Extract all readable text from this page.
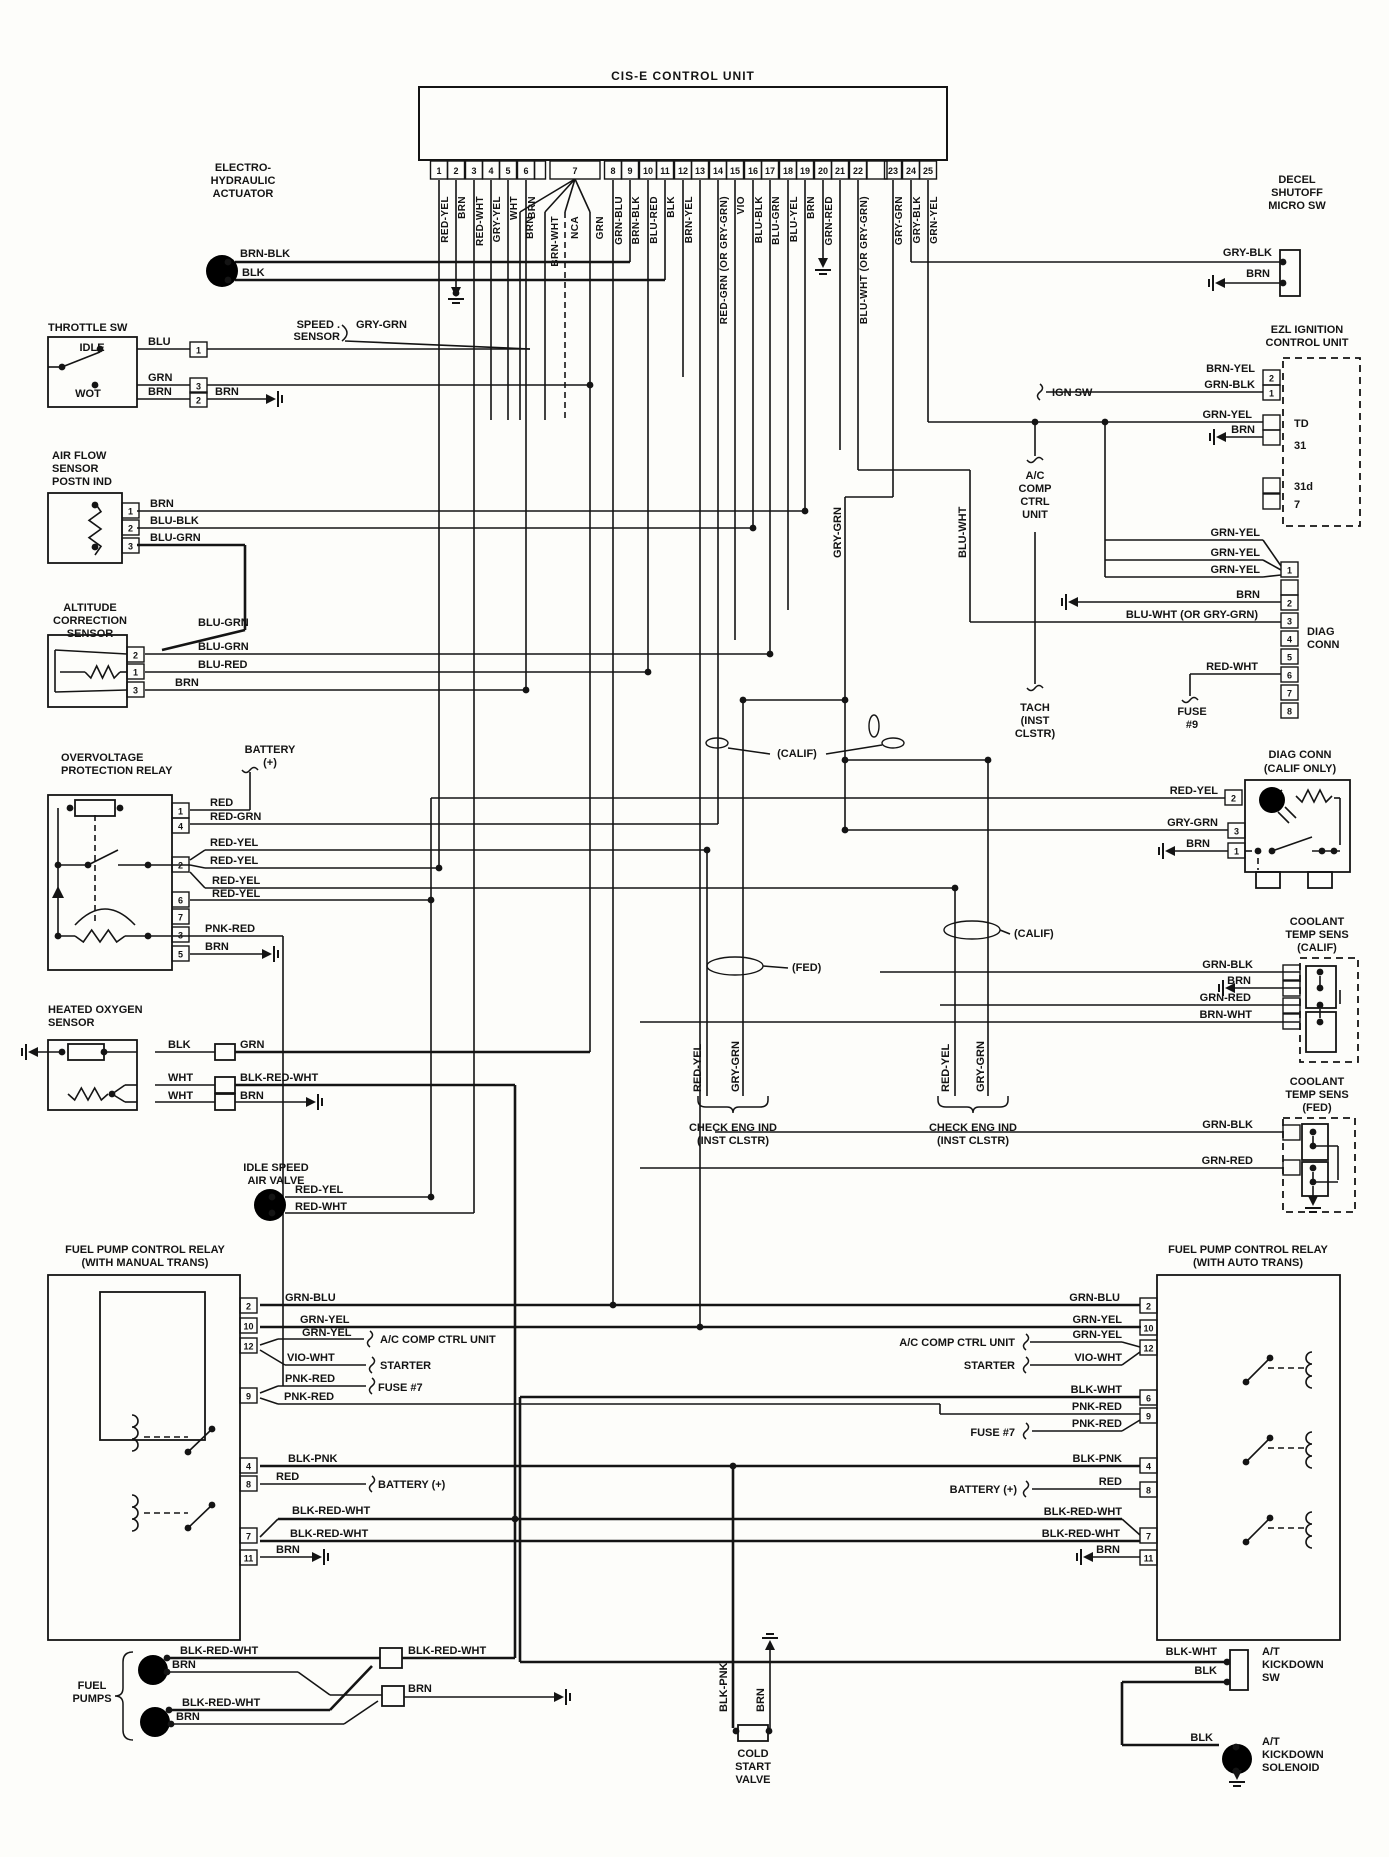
CIS-E CONTROL UNIT
1
RED-YEL
2
BRN
3
RED-WHT
4
GRY-YEL
5
WHT
6
BRN
7	8
GRN-BLU
9
BRN-BLK
10
BLU-RED
11
BLK
12
BRN-YEL
13 14
RED-GRN (OR GRY-GRN)
15
VIO
16
BLU-BLK
17
BLU-GRN
18
BLU-YEL
19
BRN
20
GRN-RED
21 22
BLU-WHT (OR GRY-GRN)
23
GRY-GRN
24
GRY-BLK
25
GRN-YEL
BRN BRN-WHT NCA GRN
1
3
2
1
2
3
2
1
3
1
4
2
6
7
3
5
2
10
12
9
4
8
7
11
2
10
12
6
9
4
8
7
11
2
1
1
2
3
4
5
6
7
8
2
3
1
ELECTRO-
HYDRAULIC
ACTUATOR
BRN-BLK
BLK
THROTTLE SW
IDLE
WOT
BLU
GRN
BRN	BRN
SPEED .
SENSOR
GRY-GRN
AIR FLOW
SENSOR
POSTN IND
BRN
BLU-BLK
BLU-GRN
ALTITUDE
CORRECTION
SENSOR
BLU-GRN
BLU-GRN
BLU-RED
BRN
OVERVOLTAGE
PROTECTION RELAY
BATTERY
(+)
RED
RED-GRN
RED-YEL
RED-YEL
RED-YEL
RED-YEL
PNK-RED
BRN
HEATED OXYGEN
SENSOR
BLK	GRN
WHT	BLK-RED-WHT
WHT	BRN
IDLE SPEED
AIR VALVE
RED-YEL
RED-WHT
FUEL PUMP CONTROL RELAY
(WITH MANUAL TRANS)
GRN-BLU
GRN-YEL
GRN-YEL
VIO-WHT
A/C COMP CTRL UNIT
STARTER
FUSE #7
PNK-RED
PNK-RED
BLK-PNK
RED
BATTERY (+)
BLK-RED-WHT
BLK-RED-WHT
BRN
FUEL
PUMPS
BLK-RED-WHT
BRN
BLK-RED-WHT
BRN
BLK-RED-WHT
BRN
COLD
START
VALVE
CHECK ENG IND
(INST CLSTR)
CHECK ENG IND
(INST CLSTR)
(FED)
(CALIF)
(CALIF)
DECEL
SHUTOFF
MICRO SW
GRY-BLK
BRN
EZL IGNITION
CONTROL UNIT
BRN-YEL
GRN-BLK
IGN SW
GRN-YEL
BRN	TD
31
31d
7
A/C
COMP
CTRL
UNIT
TACH
(INST
CLSTR)
GRN-YEL
GRN-YEL
GRN-YEL
BRN
BLU-WHT (OR GRY-GRN)
RED-WHT
DIAG
CONN
FUSE
#9
DIAG CONN
(CALIF ONLY)
RED-YEL
GRY-GRN
BRN
COOLANT
TEMP SENS
(CALIF)
GRN-BLK
BRN
GRN-RED
BRN-WHT
COOLANT
TEMP SENS
(FED)
GRN-BLK
GRN-RED
FUEL PUMP CONTROL RELAY
(WITH AUTO TRANS)
GRN-BLU
GRN-YEL
GRN-YEL
VIO-WHT
A/C COMP CTRL UNIT
STARTER
FUSE #7
BATTERY (+)
BLK-WHT
PNK-RED
PNK-RED
BLK-PNK
RED
BLK-RED-WHT
BLK-RED-WHT
BRN
BLK-WHT
BLK
A/T
KICKDOWN
SW
BLK	A/T
KICKDOWN
SOLENOID
RED-YEL GRY-GRN	RED-YEL GRY-GRN
GRY-GRN	BLU-WHT
BLK-PNK BRN
